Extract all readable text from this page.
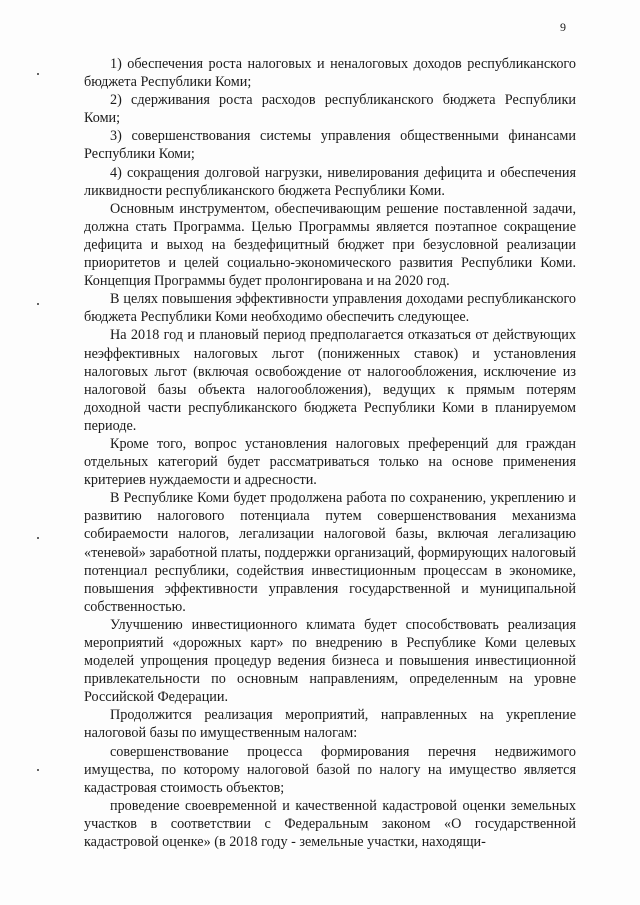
9

1) обеспечения роста налоговых и неналоговых доходов республиканского бюджета Республики Коми;

2) сдерживания роста расходов республиканского бюджета Республики Коми;

3) совершенствования системы управления общественными финансами Республики Коми;

4) сокращения долговой нагрузки, нивелирования дефицита и обеспечения ликвидности республиканского бюджета Республики Коми.

Основным инструментом, обеспечивающим решение поставленной задачи, должна стать Программа. Целью Программы является поэтапное сокращение дефицита и выход на бездефицитный бюджет при безусловной реализации приоритетов и целей социально-экономического развития Республики Коми. Концепция Программы будет пролонгирована и на 2020 год.

В целях повышения эффективности управления доходами республиканского бюджета Республики Коми необходимо обеспечить следующее.

На 2018 год и плановый период предполагается отказаться от действующих неэффективных налоговых льгот (пониженных ставок) и установления налоговых льгот (включая освобождение от налогообложения, исключение из налоговой базы объекта налогообложения), ведущих к прямым потерям доходной части республиканского бюджета Республики Коми в планируемом периоде.

Кроме того, вопрос установления налоговых преференций для граждан отдельных категорий будет рассматриваться только на основе применения критериев нуждаемости и адресности.

В Республике Коми будет продолжена работа по сохранению, укреплению и развитию налогового потенциала путем совершенствования механизма собираемости налогов, легализации налоговой базы, включая легализацию «теневой» заработной платы, поддержки организаций, формирующих налоговый потенциал республики, содействия инвестиционным процессам в экономике, повышения эффективности управления государственной и муниципальной собственностью.

Улучшению инвестиционного климата будет способствовать реализация мероприятий «дорожных карт» по внедрению в Республике Коми целевых моделей упрощения процедур ведения бизнеса и повышения инвестиционной привлекательности по основным направлениям, определенным на уровне Российской Федерации.

Продолжится реализация мероприятий, направленных на укрепление налоговой базы по имущественным налогам:

совершенствование процесса формирования перечня недвижимого имущества, по которому налоговой базой по налогу на имущество является кадастровая стоимость объектов;

проведение своевременной и качественной кадастровой оценки земельных участков в соответствии с Федеральным законом «О государственной кадастровой оценке» (в 2018 году - земельные участки, находящи-
